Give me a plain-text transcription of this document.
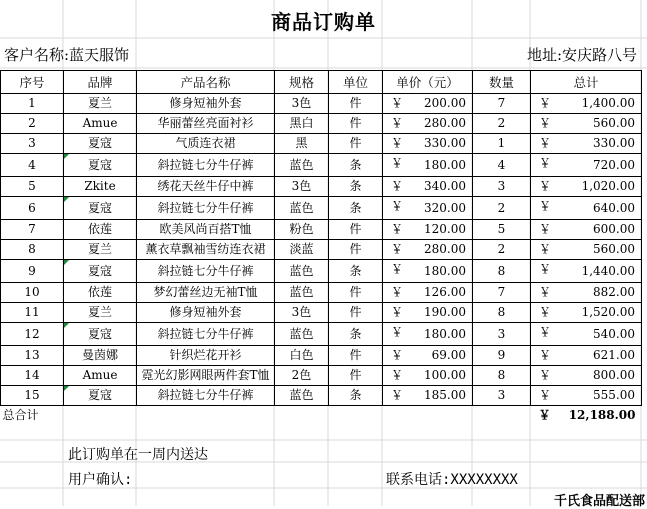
商品订购单
客户名称:蓝天服饰	地址:安庆路八号
序号	品牌	产品名称	规格	单位	单价（元）	数量	总计
1	夏兰	修身短袖外套	3色	件	￥ 200.00	7	￥ 1,400.00

2	Amue	华丽蕾丝亮面衬衫	黑白	件	￥ 280.00	2	￥ 560.00

3	夏寇	气质连衣裙	黑	件	￥ 330.00	1	￥ 330.00

4	夏寇	斜拉链七分牛仔裤	蓝色	条	￥ 180.00	4	￥ 720.00

5	Zkite	绣花天丝牛仔中裤	3色	条	￥ 340.00	3	￥ 1,020.00

6	夏寇	斜拉链七分牛仔裤	蓝色	条	￥ 320.00	2	￥ 640.00

7	依莲	欧美风尚百搭T恤	粉色	件	￥ 120.00	5	￥ 600.00

8	夏兰	薰衣草飘袖雪纺连衣裙	淡蓝	件	￥ 280.00	2	￥ 560.00

9	夏寇	斜拉链七分牛仔裤	蓝色	条	￥ 180.00	8	￥ 1,440.00

10	依莲	梦幻蕾丝边无袖T恤	蓝色	件	￥ 126.00	7	￥ 882.00

11	夏兰	修身短袖外套	3色	件	￥ 190.00	8	￥ 1,520.00

12	夏寇	斜拉链七分牛仔裤	蓝色	条	￥ 180.00	3	￥ 540.00

13	曼茵娜	针织烂花开衫	白色	件	￥ 69.00	9	￥ 621.00

14	Amue	霓光幻影网眼两件套T恤	2色	件	￥ 100.00	8	￥ 800.00

15	夏寇	斜拉链七分牛仔裤	蓝色	条	￥ 185.00	3	￥ 555.00

总合计							￥ 12,188.00
此订购单在一周内送达
用户确认:	联系电话:XXXXXXXX
千氏食品配送部
